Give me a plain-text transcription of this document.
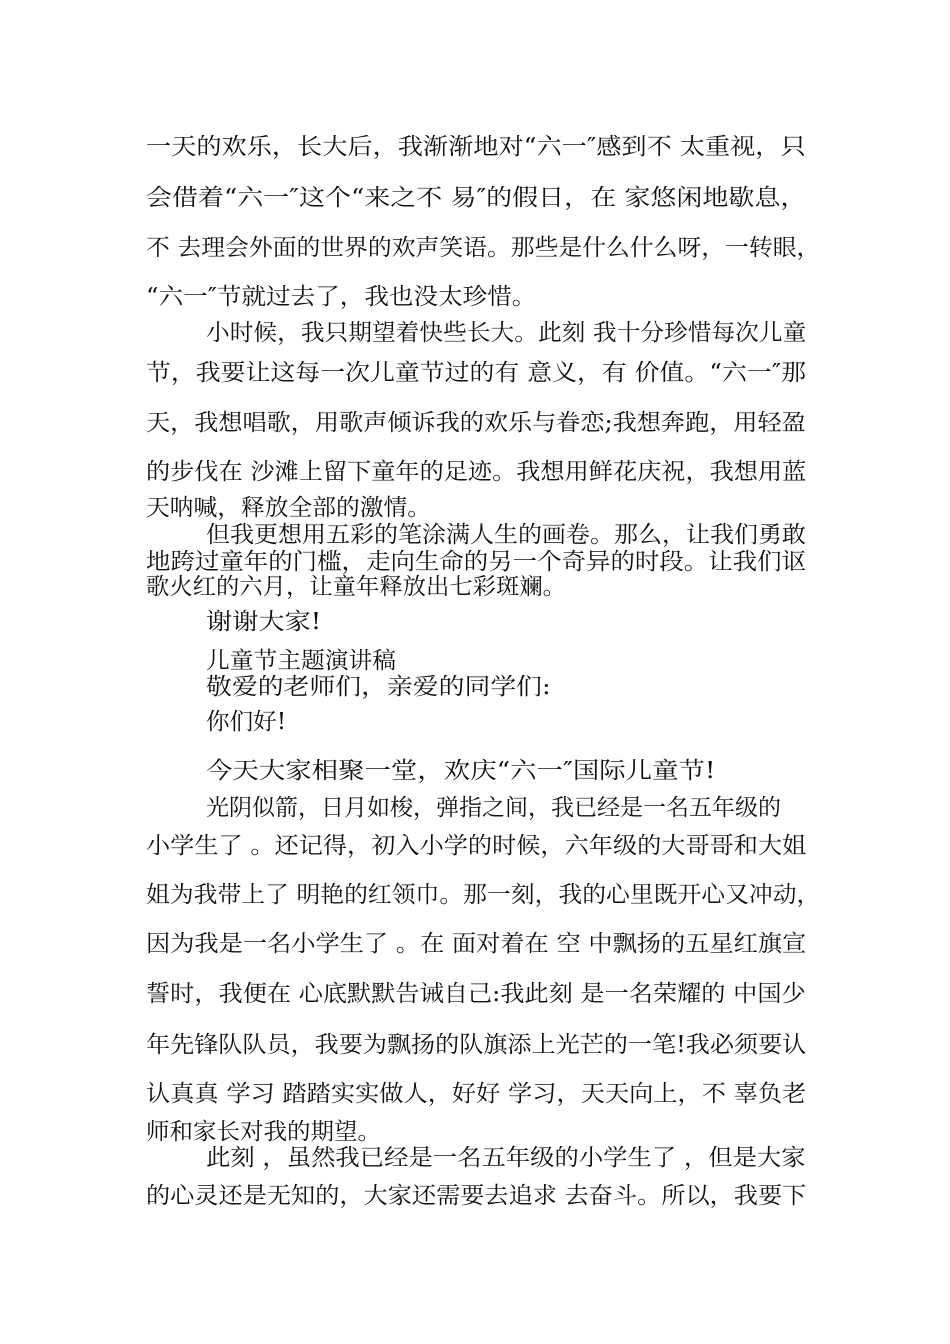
一天的欢乐，长大后，我渐渐地对“六一″感到不 太重视，只

会借着“六一″这个“来之不 易″的假日，在 家悠闲地歇息，

不 去理会外面的世界的欢声笑语。那些是什么什么呀，一转眼，

“六一″节就过去了，我也没太珍惜。

小时候，我只期望着快些长大。此刻 我十分珍惜每次儿童

节，我要让这每一次儿童节过的有 意义，有 价值。“六一″那

天，我想唱歌，用歌声倾诉我的欢乐与眷恋;我想奔跑，用轻盈

的步伐在 沙滩上留下童年的足迹。我想用鲜花庆祝，我想用蓝

天呐喊，释放全部的激情。

但我更想用五彩的笔涂满人生的画卷。那么，让我们勇敢

地跨过童年的门槛，走向生命的另一个奇异的时段。让我们讴

歌火红的六月，让童年释放出七彩斑斓。

谢谢大家!

儿童节主题演讲稿

敬爱的老师们，亲爱的同学们:

你们好!

今天大家相聚一堂，欢庆“六一″国际儿童节!

光阴似箭，日月如梭，弹指之间，我已经是一名五年级的

小学生了 。还记得，初入小学的时候，六年级的大哥哥和大姐

姐为我带上了 明艳的红领巾。那一刻，我的心里既开心又冲动，

因为我是一名小学生了 。在 面对着在 空 中飘扬的五星红旗宣

誓时，我便在 心底默默告诫自己:我此刻 是一名荣耀的 中国少

年先锋队队员，我要为飘扬的队旗添上光芒的一笔!我必须要认

认真真 学习 踏踏实实做人，好好 学习，天天向上，不 辜负老

师和家长对我的期望。

此刻 ，虽然我已经是一名五年级的小学生了 ，但是大家

的心灵还是无知的，大家还需要去追求 去奋斗。所以，我要下
